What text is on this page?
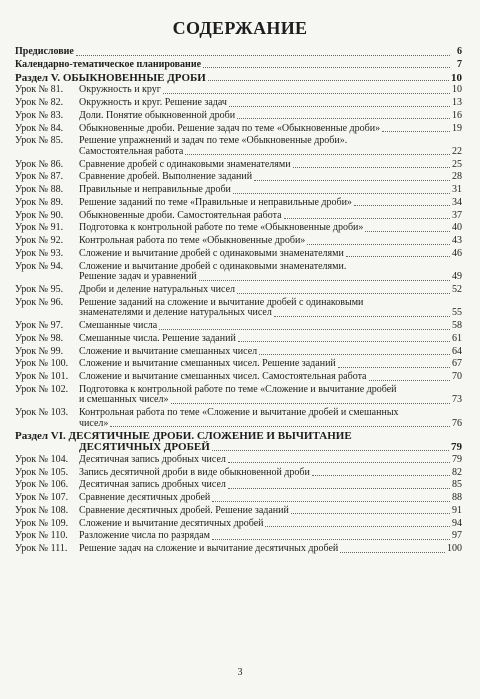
СОДЕРЖАНИЕ
Предисловие	6
Календарно-тематическое планирование	7
Раздел V. ОБЫКНОВЕННЫЕ ДРОБИ	10
Урок № 81.	Окружность и круг	10
Урок № 82.	Окружность и круг. Решение задач	13
Урок № 83.	Доли. Понятие обыкновенной дроби	16
Урок № 84.	Обыкновенные дроби. Решение задач по теме «Обыкновенные дроби»	19
Урок № 85.	Решение упражнений и задач по теме «Обыкновенные дроби».
Самостоятельная работа	22
Урок № 86.	Сравнение дробей с одинаковыми знаменателями	25
Урок № 87.	Сравнение дробей. Выполнение заданий	28
Урок № 88.	Правильные и неправильные дроби	31
Урок № 89.	Решение заданий по теме «Правильные и неправильные дроби»	34
Урок № 90.	Обыкновенные дроби. Самостоятельная работа	37
Урок № 91.	Подготовка к контрольной работе по теме «Обыкновенные дроби»	40
Урок № 92.	Контрольная работа по теме «Обыкновенные дроби»	43
Урок № 93.	Сложение и вычитание дробей с одинаковыми знаменателями	46
Урок № 94.	Сложение и вычитание дробей с одинаковыми знаменателями.
Решение задач и уравнений	49
Урок № 95.	Дроби и деление натуральных чисел	52
Урок № 96.	Решение заданий на сложение и вычитание дробей с одинаковыми
знаменателями и деление натуральных чисел	55
Урок № 97.	Смешанные числа	58
Урок № 98.	Смешанные числа. Решение заданий	61
Урок № 99.	Сложение и вычитание смешанных чисел	64
Урок № 100.	Сложение и вычитание смешанных чисел. Решение заданий	67
Урок № 101.	Сложение и вычитание смешанных чисел. Самостоятельная работа	70
Урок № 102.	Подготовка к контрольной работе по теме «Сложение и вычитание дробей
и смешанных чисел»	73
Урок № 103.	Контрольная работа по теме «Сложение и вычитание дробей и смешанных
чисел»	76
Раздел VI. ДЕСЯТИЧНЫЕ ДРОБИ. СЛОЖЕНИЕ И ВЫЧИТАНИЕ
ДЕСЯТИЧНЫХ ДРОБЕЙ	79
Урок № 104.	Десятичная запись дробных чисел	79
Урок № 105.	Запись десятичной дроби в виде обыкновенной дроби	82
Урок № 106.	Десятичная запись дробных чисел	85
Урок № 107.	Сравнение десятичных дробей	88
Урок № 108.	Сравнение десятичных дробей. Решение заданий	91
Урок № 109.	Сложение и вычитание десятичных дробей	94
Урок № 110.	Разложение числа по разрядам	97
Урок № 111.	Решение задач на сложение и вычитание десятичных дробей	100
3
